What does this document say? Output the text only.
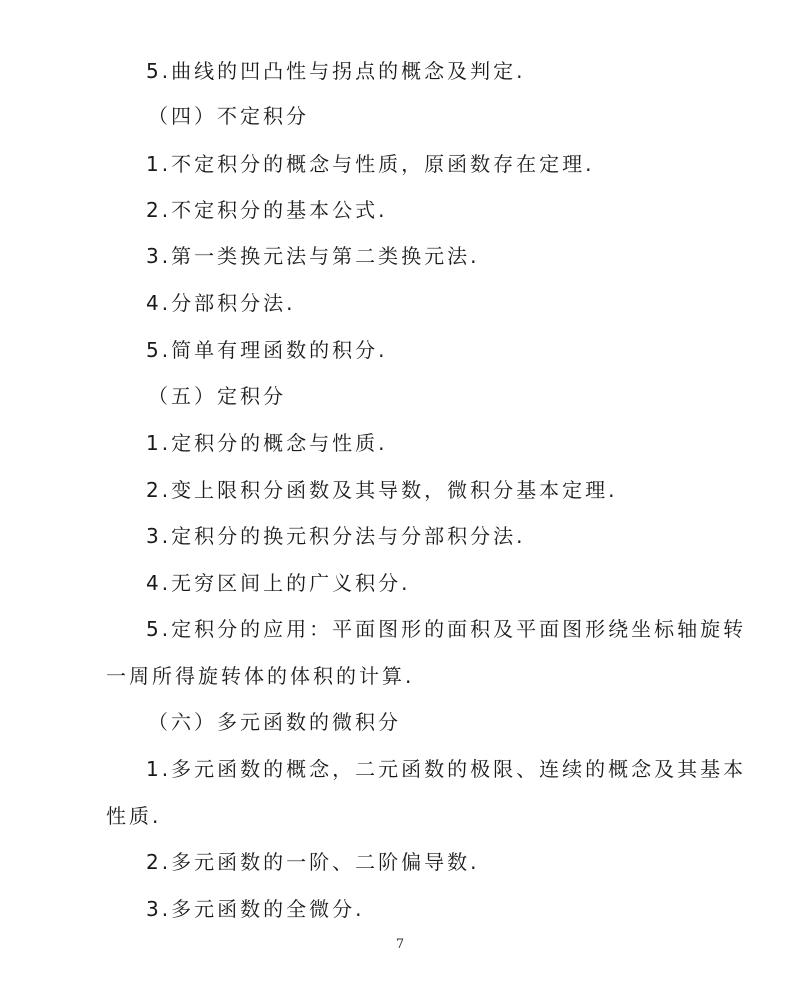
5.曲线的凹凸性与拐点的概念及判定.
（四）不定积分
1.不定积分的概念与性质，原函数存在定理.
2.不定积分的基本公式.
3.第一类换元法与第二类换元法.
4.分部积分法.
5.简单有理函数的积分.
（五）定积分
1.定积分的概念与性质.
2.变上限积分函数及其导数，微积分基本定理.
3.定积分的换元积分法与分部积分法.
4.无穷区间上的广义积分.
5.定积分的应用：平面图形的面积及平面图形绕坐标轴旋转
一周所得旋转体的体积的计算.
（六）多元函数的微积分
1.多元函数的概念，二元函数的极限、连续的概念及其基本
性质.
2.多元函数的一阶、二阶偏导数.
3.多元函数的全微分.
7
